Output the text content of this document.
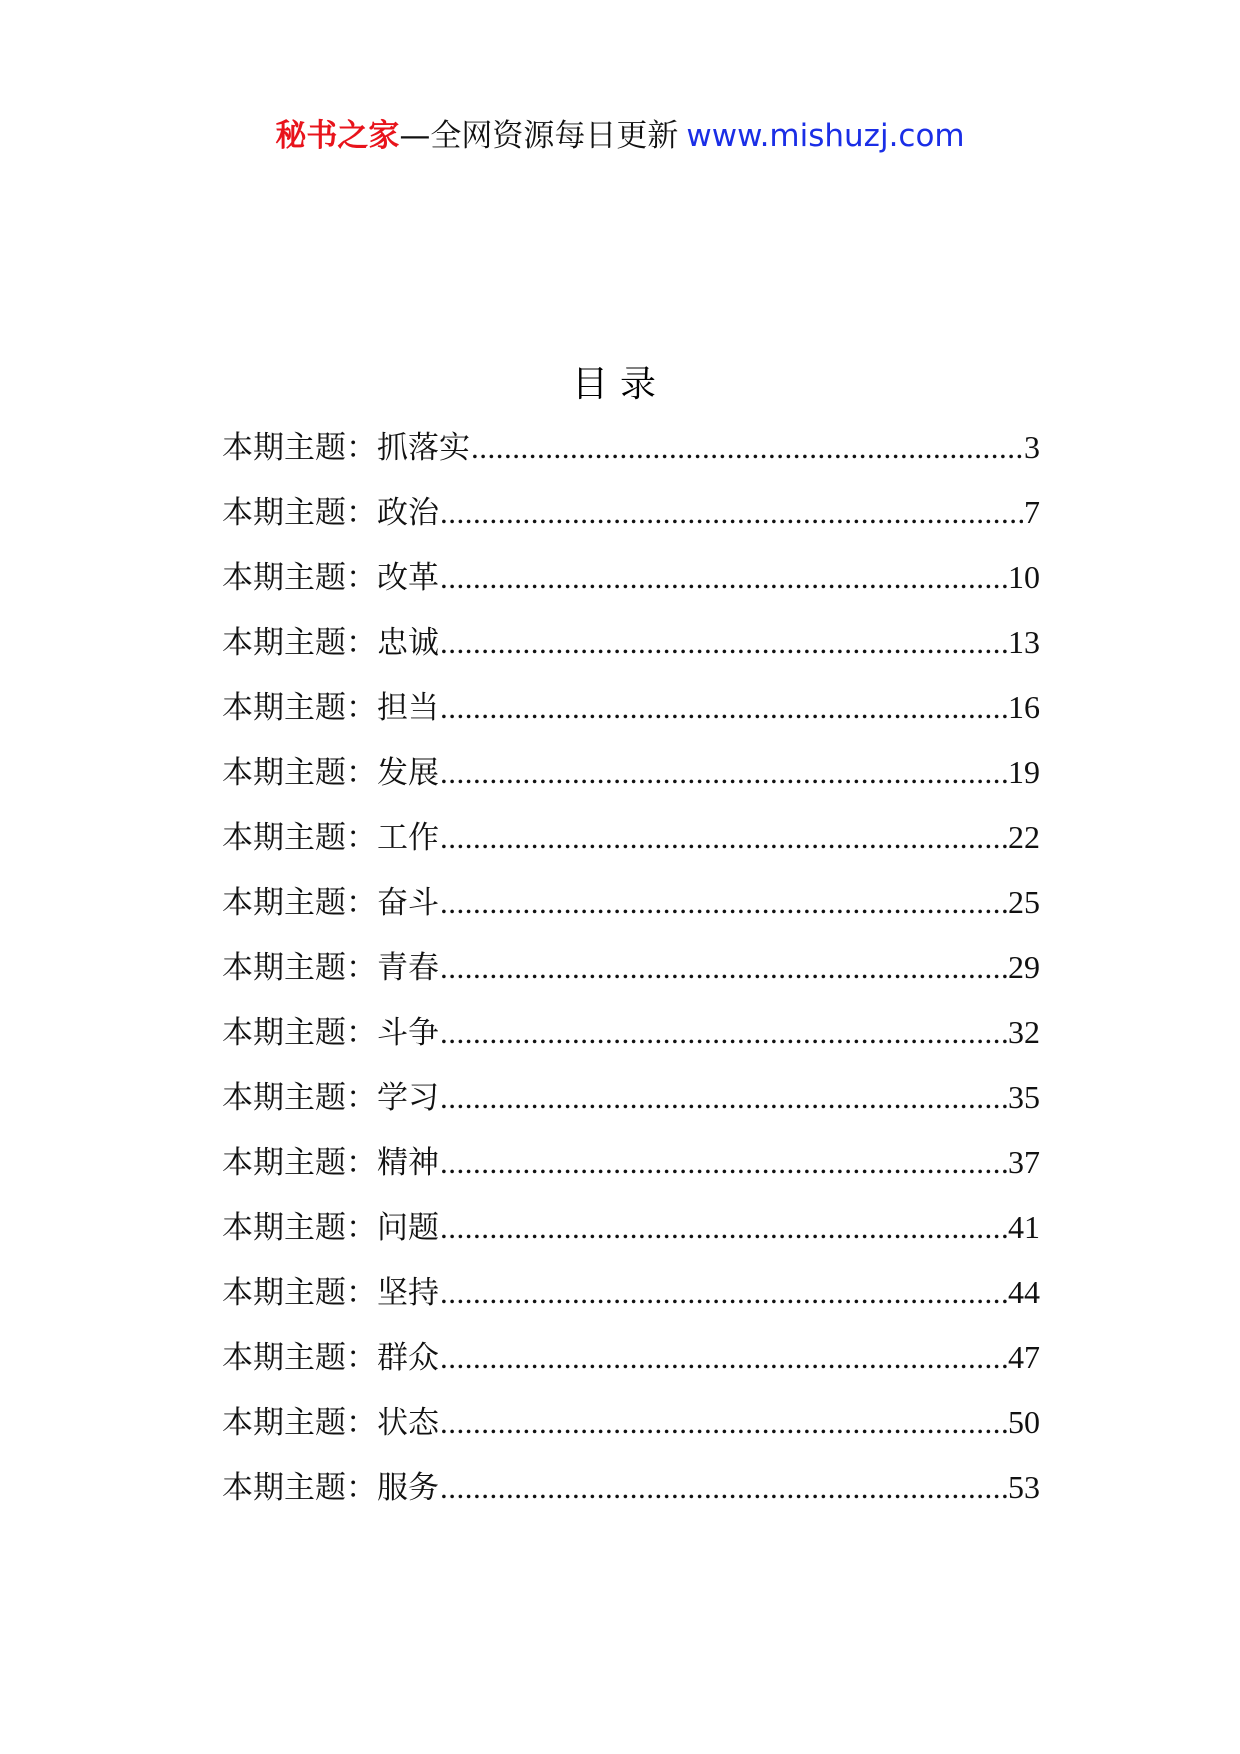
秘书之家—全网资源每日更新 www.mishuzj.com
目录
本期主题： 抓落实 .....	3
本期主题： 政治 .....	7
本期主题： 改革 .....	10
本期主题： 忠诚 .....	13
本期主题： 担当 .....	16
本期主题： 发展 .....	19
本期主题： 工作 .....	22
本期主题： 奋斗 .....	25
本期主题： 青春 .....	29
本期主题： 斗争 .....	32
本期主题： 学习 .....	35
本期主题： 精神 .....	37
本期主题： 问题 .....	41
本期主题： 坚持 .....	44
本期主题： 群众 .....	47
本期主题： 状态 .....	50
本期主题： 服务 .....	53
